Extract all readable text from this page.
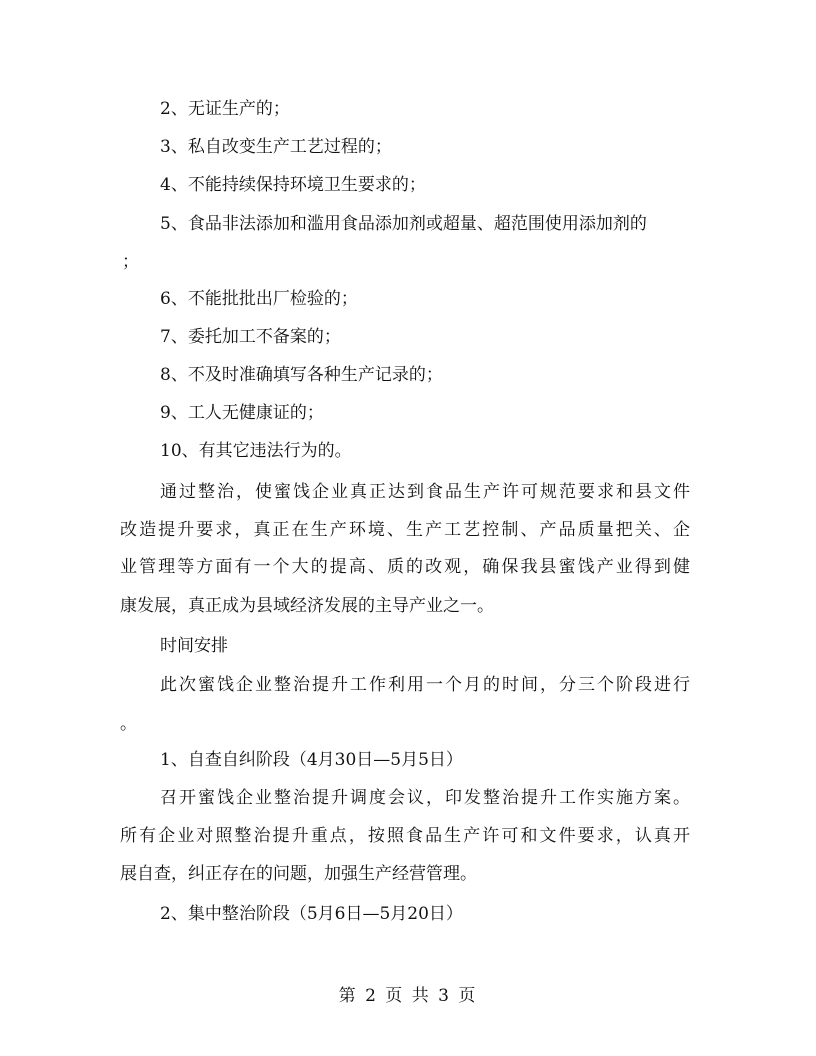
2、无证生产的；
3、私自改变生产工艺过程的；
4、不能持续保持环境卫生要求的；
5、食品非法添加和滥用食品添加剂或超量、超范围使用添加剂的
；
6、不能批批出厂检验的；
7、委托加工不备案的；
8、不及时准确填写各种生产记录的；
9、工人无健康证的；
10、有其它违法行为的。
通过整治，使蜜饯企业真正达到食品生产许可规范要求和县文件
改造提升要求，真正在生产环境、生产工艺控制、产品质量把关、企
业管理等方面有一个大的提高、质的改观，确保我县蜜饯产业得到健
康发展，真正成为县域经济发展的主导产业之一。
时间安排
此次蜜饯企业整治提升工作利用一个月的时间，分三个阶段进行
。
1、自查自纠阶段（4月30日—5月5日）
召开蜜饯企业整治提升调度会议，印发整治提升工作实施方案。
所有企业对照整治提升重点，按照食品生产许可和文件要求，认真开
展自查，纠正存在的问题，加强生产经营管理。
2、集中整治阶段（5月6日—5月20日）
第 2 页 共 3 页
